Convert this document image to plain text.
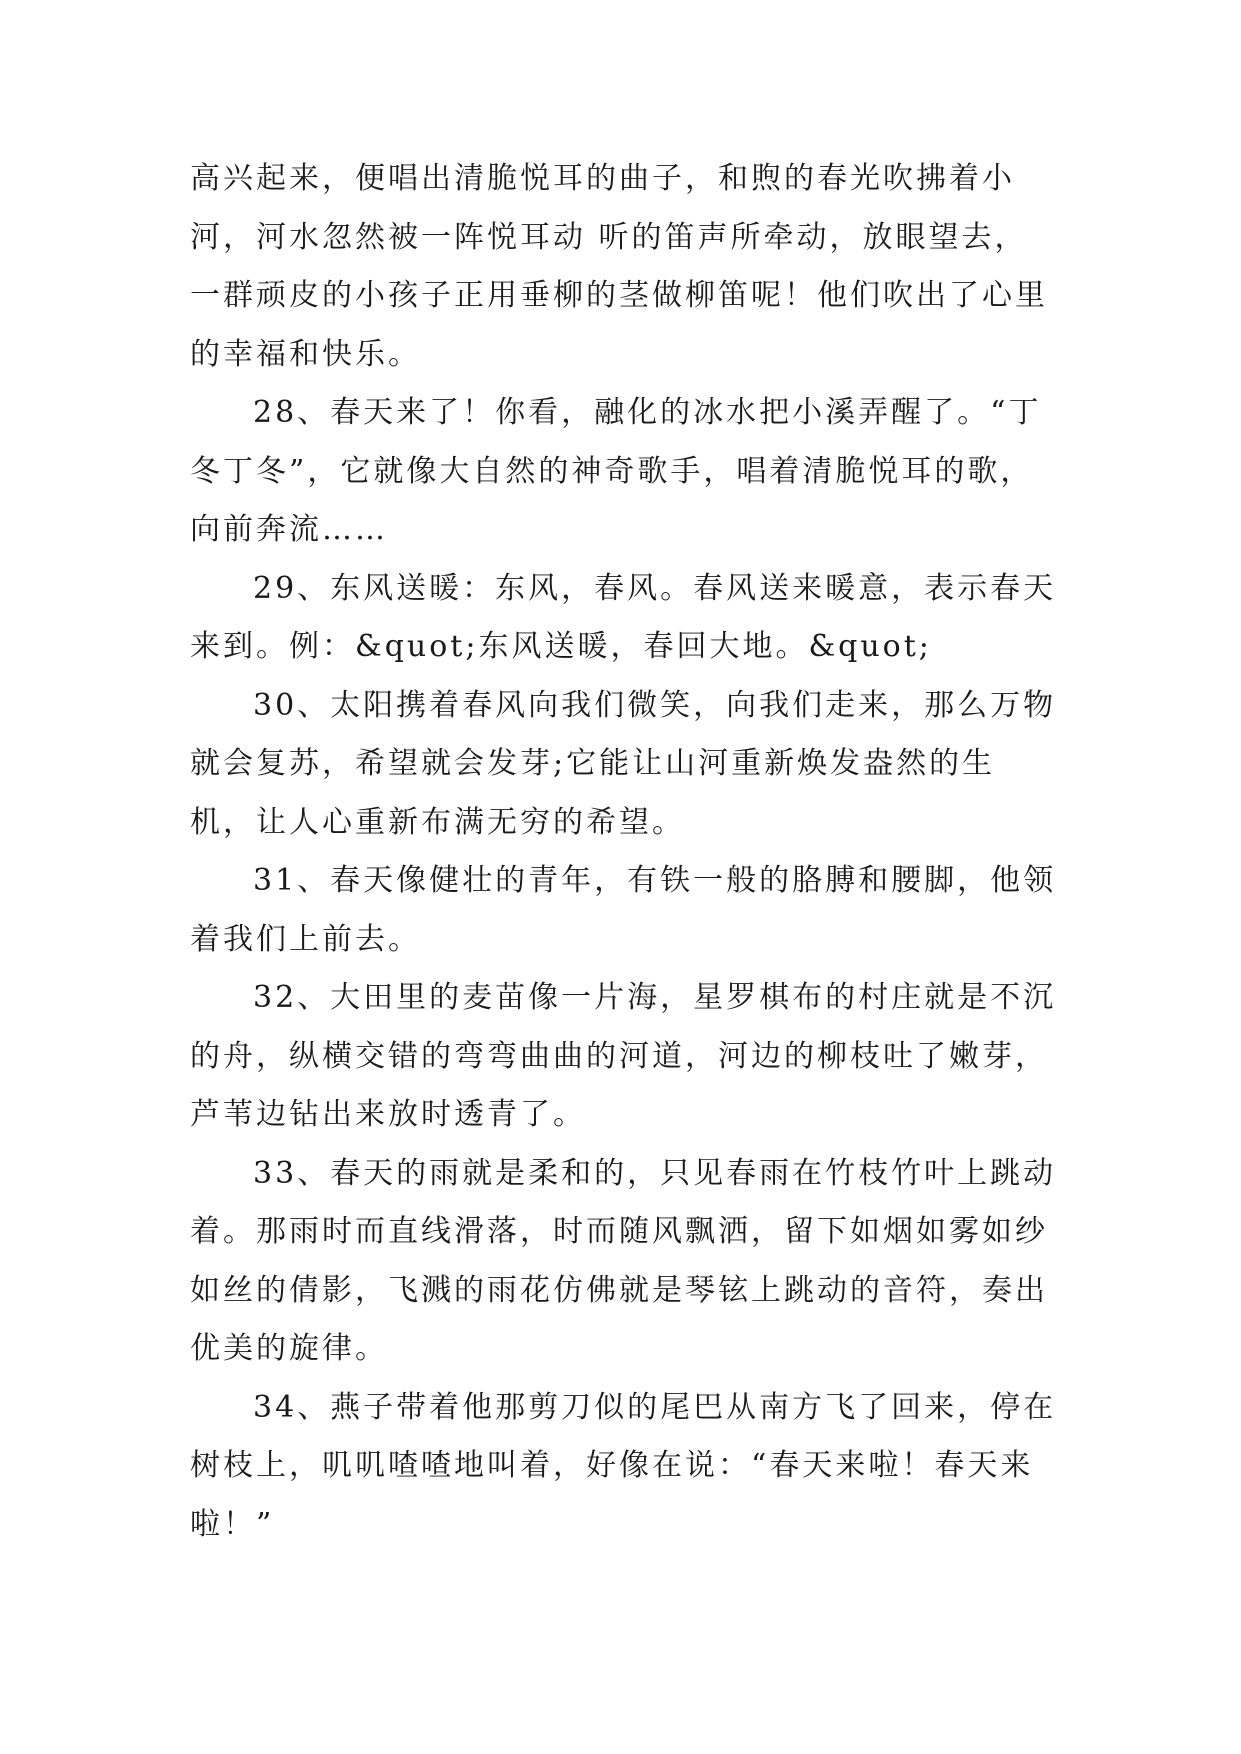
高兴起来，便唱出清脆悦耳的曲子，和煦的春光吹拂着小河，河水忽然被一阵悦耳动 听的笛声所牵动，放眼望去，一群顽皮的小孩子正用垂柳的茎做柳笛呢！他们吹出了心里的幸福和快乐。

28、春天来了！你看，融化的冰水把小溪弄醒了。“丁冬丁冬”，它就像大自然的神奇歌手，唱着清脆悦耳的歌，向前奔流……

29、东风送暖：东风，春风。春风送来暖意，表示春天来到。例：&quot;东风送暖，春回大地。&quot;

30、太阳携着春风向我们微笑，向我们走来，那么万物就会复苏，希望就会发芽;它能让山河重新焕发盎然的生机，让人心重新布满无穷的希望。

31、春天像健壮的青年，有铁一般的胳膊和腰脚，他领着我们上前去。

32、大田里的麦苗像一片海，星罗棋布的村庄就是不沉的舟，纵横交错的弯弯曲曲的河道，河边的柳枝吐了嫩芽，芦苇边钻出来放时透青了。

33、春天的雨就是柔和的，只见春雨在竹枝竹叶上跳动着。那雨时而直线滑落，时而随风飘洒，留下如烟如雾如纱如丝的倩影，飞溅的雨花仿佛就是琴铉上跳动的音符，奏出优美的旋律。

34、燕子带着他那剪刀似的尾巴从南方飞了回来，停在树枝上，叽叽喳喳地叫着，好像在说：“春天来啦！春天来啦！”
